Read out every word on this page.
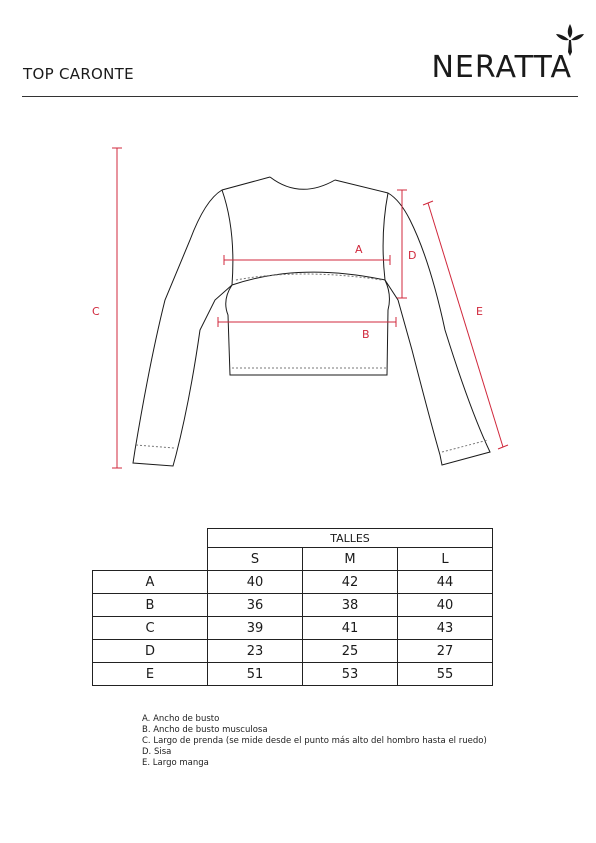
TOP CARONTE	NERATTA
C
A
B
D
E
	TALLES		
	S	M	L
A	40	42	44
B	36	38	40
C	39	41	43
D	23	25	27
E	51	53	55
A. Ancho de busto
B. Ancho de busto musculosa
C. Largo de prenda (se mide desde el punto más alto del hombro hasta el ruedo)
D. Sisa
E. Largo manga
